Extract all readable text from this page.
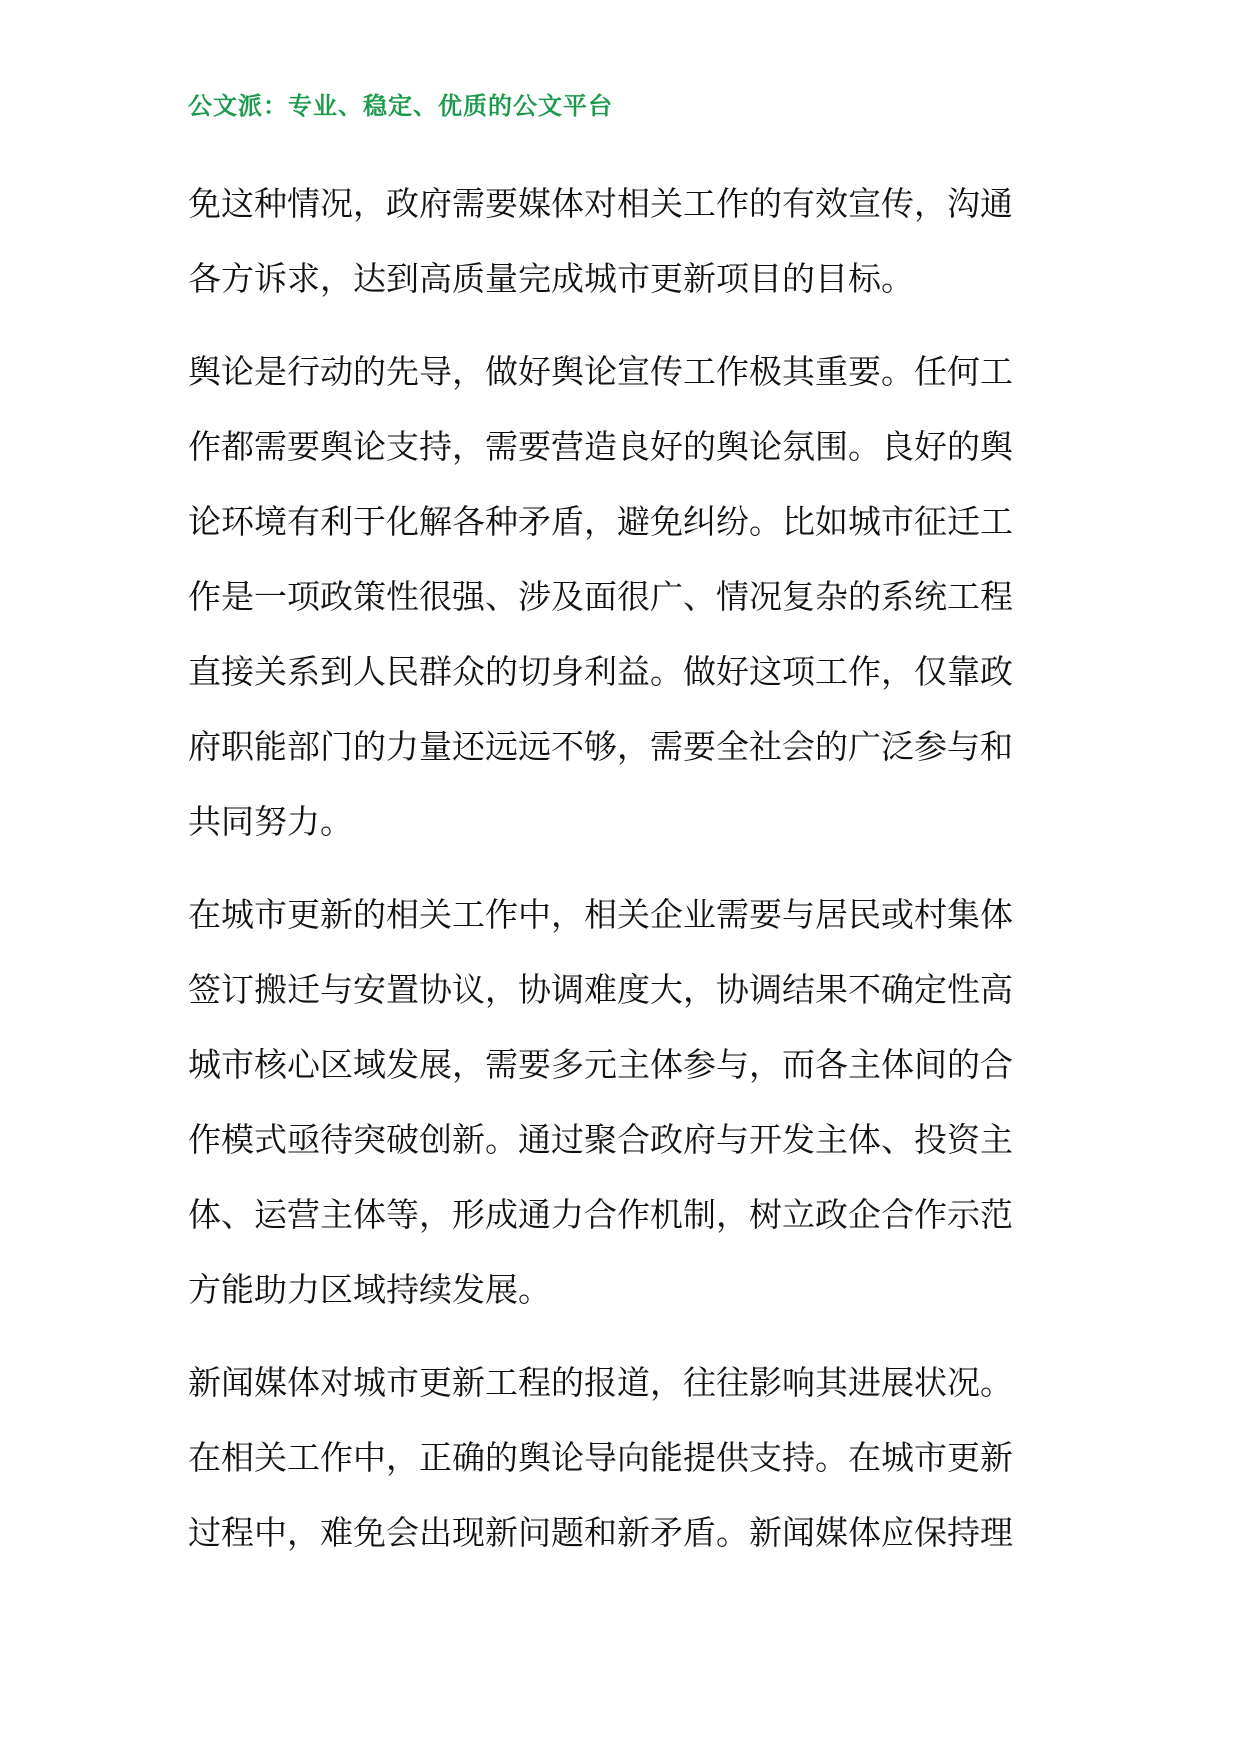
公文派：专业、稳定、优质的公文平台
免这种情况，政府需要媒体对相关工作的有效宣传，沟通
各方诉求，达到高质量完成城市更新项目的目标。
舆论是行动的先导，做好舆论宣传工作极其重要。任何工
作都需要舆论支持，需要营造良好的舆论氛围。良好的舆
论环境有利于化解各种矛盾，避免纠纷。比如城市征迁工
作是一项政策性很强、涉及面很广、情况复杂的系统工程
直接关系到人民群众的切身利益。做好这项工作，仅靠政
府职能部门的力量还远远不够，需要全社会的广泛参与和
共同努力。
在城市更新的相关工作中，相关企业需要与居民或村集体
签订搬迁与安置协议，协调难度大，协调结果不确定性高
城市核心区域发展，需要多元主体参与，而各主体间的合
作模式亟待突破创新。通过聚合政府与开发主体、投资主
体、运营主体等，形成通力合作机制，树立政企合作示范
方能助力区域持续发展。
新闻媒体对城市更新工程的报道，往往影响其进展状况。
在相关工作中，正确的舆论导向能提供支持。在城市更新
过程中，难免会出现新问题和新矛盾。新闻媒体应保持理
